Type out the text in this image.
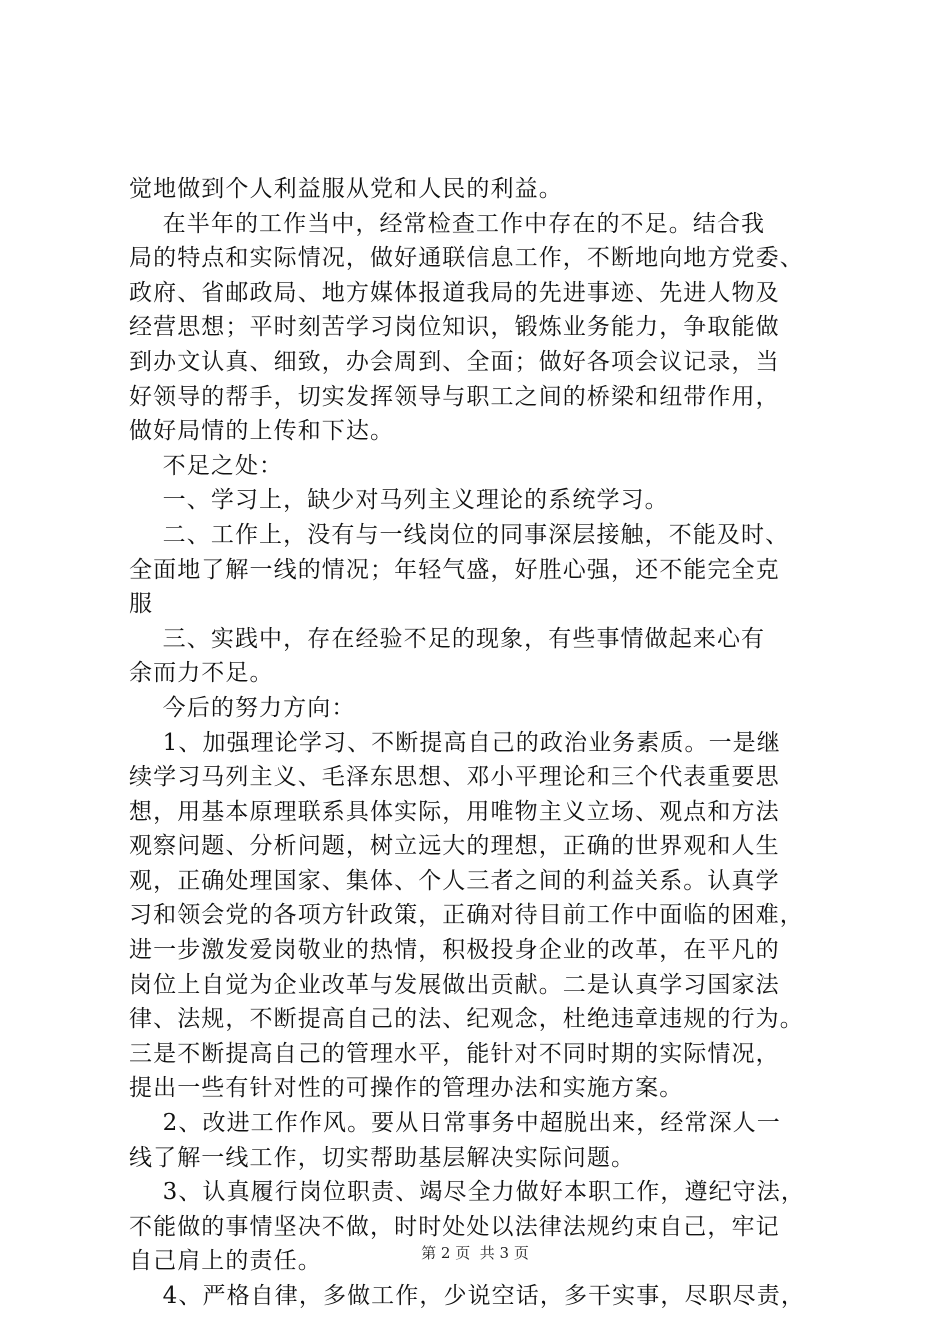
觉地做到个人利益服从党和人民的利益。
在半年的工作当中，经常检查工作中存在的不足。结合我
局的特点和实际情况，做好通联信息工作，不断地向地方党委、
政府、省邮政局、地方媒体报道我局的先进事迹、先进人物及
经营思想；平时刻苦学习岗位知识，锻炼业务能力，争取能做
到办文认真、细致，办会周到、全面；做好各项会议记录，当
好领导的帮手，切实发挥领导与职工之间的桥梁和纽带作用，
做好局情的上传和下达。
不足之处：
一、学习上，缺少对马列主义理论的系统学习。
二、工作上，没有与一线岗位的同事深层接触，不能及时、
全面地了解一线的情况；年轻气盛，好胜心强，还不能完全克
服
三、实践中，存在经验不足的现象，有些事情做起来心有
余而力不足。
今后的努力方向：
1、加强理论学习、不断提高自己的政治业务素质。一是继
续学习马列主义、毛泽东思想、邓小平理论和三个代表重要思
想，用基本原理联系具体实际，用唯物主义立场、观点和方法
观察问题、分析问题，树立远大的理想，正确的世界观和人生
观，正确处理国家、集体、个人三者之间的利益关系。认真学
习和领会党的各项方针政策，正确对待目前工作中面临的困难，
进一步激发爱岗敬业的热情，积极投身企业的改革，在平凡的
岗位上自觉为企业改革与发展做出贡献。二是认真学习国家法
律、法规，不断提高自己的法、纪观念，杜绝违章违规的行为。
三是不断提高自己的管理水平，能针对不同时期的实际情况，
提出一些有针对性的可操作的管理办法和实施方案。
2、改进工作作风。要从日常事务中超脱出来，经常深人一
线了解一线工作，切实帮助基层解决实际问题。
3、认真履行岗位职责、竭尽全力做好本职工作，遵纪守法，
不能做的事情坚决不做，时时处处以法律法规约束自己，牢记
自己肩上的责任。
4、严格自律，多做工作，少说空话，多干实事，尽职尽责，
第 2 页  共 3 页
